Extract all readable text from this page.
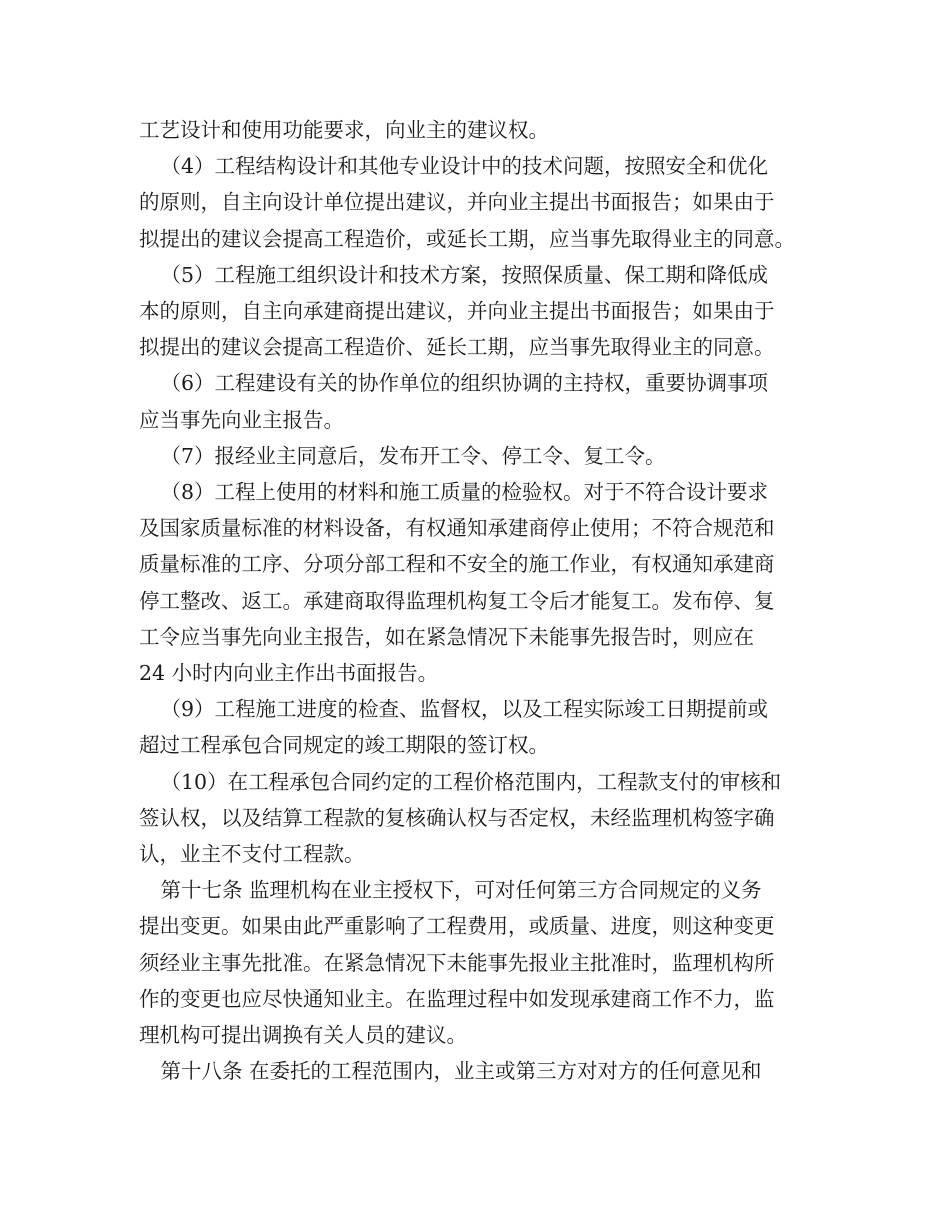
工艺设计和使用功能要求，向业主的建议权。

（4）工程结构设计和其他专业设计中的技术问题，按照安全和优化

的原则，自主向设计单位提出建议，并向业主提出书面报告；如果由于
拟提出的建议会提高工程造价，或延长工期，应当事先取得业主的同意。

（5）工程施工组织设计和技术方案，按照保质量、保工期和降低成

本的原则，自主向承建商提出建议，并向业主提出书面报告；如果由于
拟提出的建议会提高工程造价、延长工期，应当事先取得业主的同意。

（6）工程建设有关的协作单位的组织协调的主持权，重要协调事项

应当事先向业主报告。

（7）报经业主同意后，发布开工令、停工令、复工令。

（8）工程上使用的材料和施工质量的检验权。对于不符合设计要求

及国家质量标准的材料设备，有权通知承建商停止使用；不符合规范和
质量标准的工序、分项分部工程和不安全的施工作业，有权通知承建商
停工整改、返工。承建商取得监理机构复工令后才能复工。发布停、复
工令应当事先向业主报告，如在紧急情况下未能事先报告时，则应在
24 小时内向业主作出书面报告。

（9）工程施工进度的检查、监督权，以及工程实际竣工日期提前或

超过工程承包合同规定的竣工期限的签订权。

（10）在工程承包合同约定的工程价格范围内，工程款支付的审核和

签认权，以及结算工程款的复核确认权与否定权，未经监理机构签字确
认，业主不支付工程款。

第十七条 监理机构在业主授权下，可对任何第三方合同规定的义务

提出变更。如果由此严重影响了工程费用，或质量、进度，则这种变更
须经业主事先批准。在紧急情况下未能事先报业主批准时，监理机构所
作的变更也应尽快通知业主。在监理过程中如发现承建商工作不力，监
理机构可提出调换有关人员的建议。

第十八条 在委托的工程范围内，业主或第三方对对方的任何意见和
